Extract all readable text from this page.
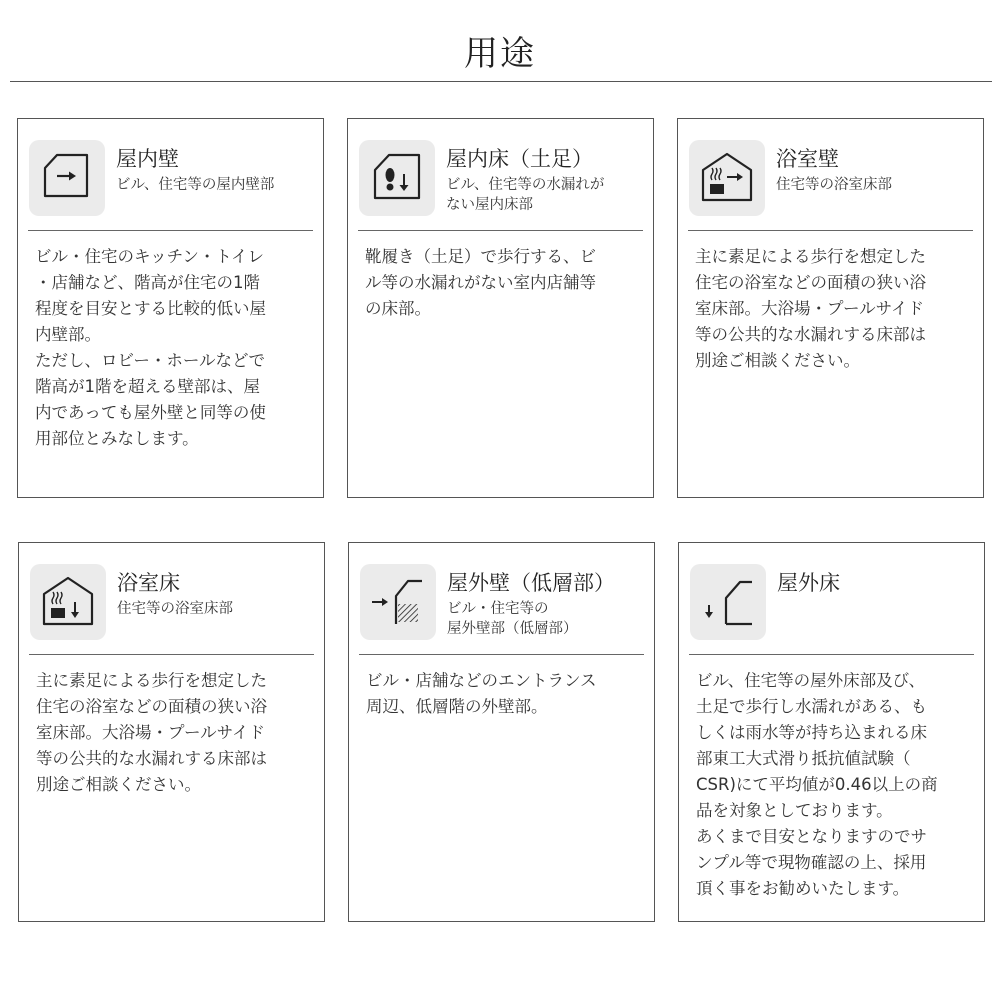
用途
屋内壁
ビル、住宅等の屋内壁部
ビル・住宅のキッチン・トイレ
・店舗など、階高が住宅の1階
程度を目安とする比較的低い屋
内壁部。
ただし、ロビー・ホールなどで
階高が1階を超える壁部は、屋
内であっても屋外壁と同等の使
用部位とみなします。
屋内床（土足）
ビル、住宅等の水漏れが
ない屋内床部
靴履き（土足）で歩行する、ビ
ル等の水漏れがない室内店舗等
の床部。
浴室壁
住宅等の浴室床部
主に素足による歩行を想定した
住宅の浴室などの面積の狭い浴
室床部。大浴場・プールサイド
等の公共的な水漏れする床部は
別途ご相談ください。
浴室床
住宅等の浴室床部
主に素足による歩行を想定した
住宅の浴室などの面積の狭い浴
室床部。大浴場・プールサイド
等の公共的な水漏れする床部は
別途ご相談ください。
屋外壁（低層部）
ビル・住宅等の
屋外壁部（低層部）
ビル・店舗などのエントランス
周辺、低層階の外壁部。
屋外床
ビル、住宅等の屋外床部及び、
土足で歩行し水濡れがある、も
しくは雨水等が持ち込まれる床
部東工大式滑り抵抗値試験（
CSR)にて平均値が0.46以上の商
品を対象としております。
あくまで目安となりますのでサ
ンプル等で現物確認の上、採用
頂く事をお勧めいたします。
